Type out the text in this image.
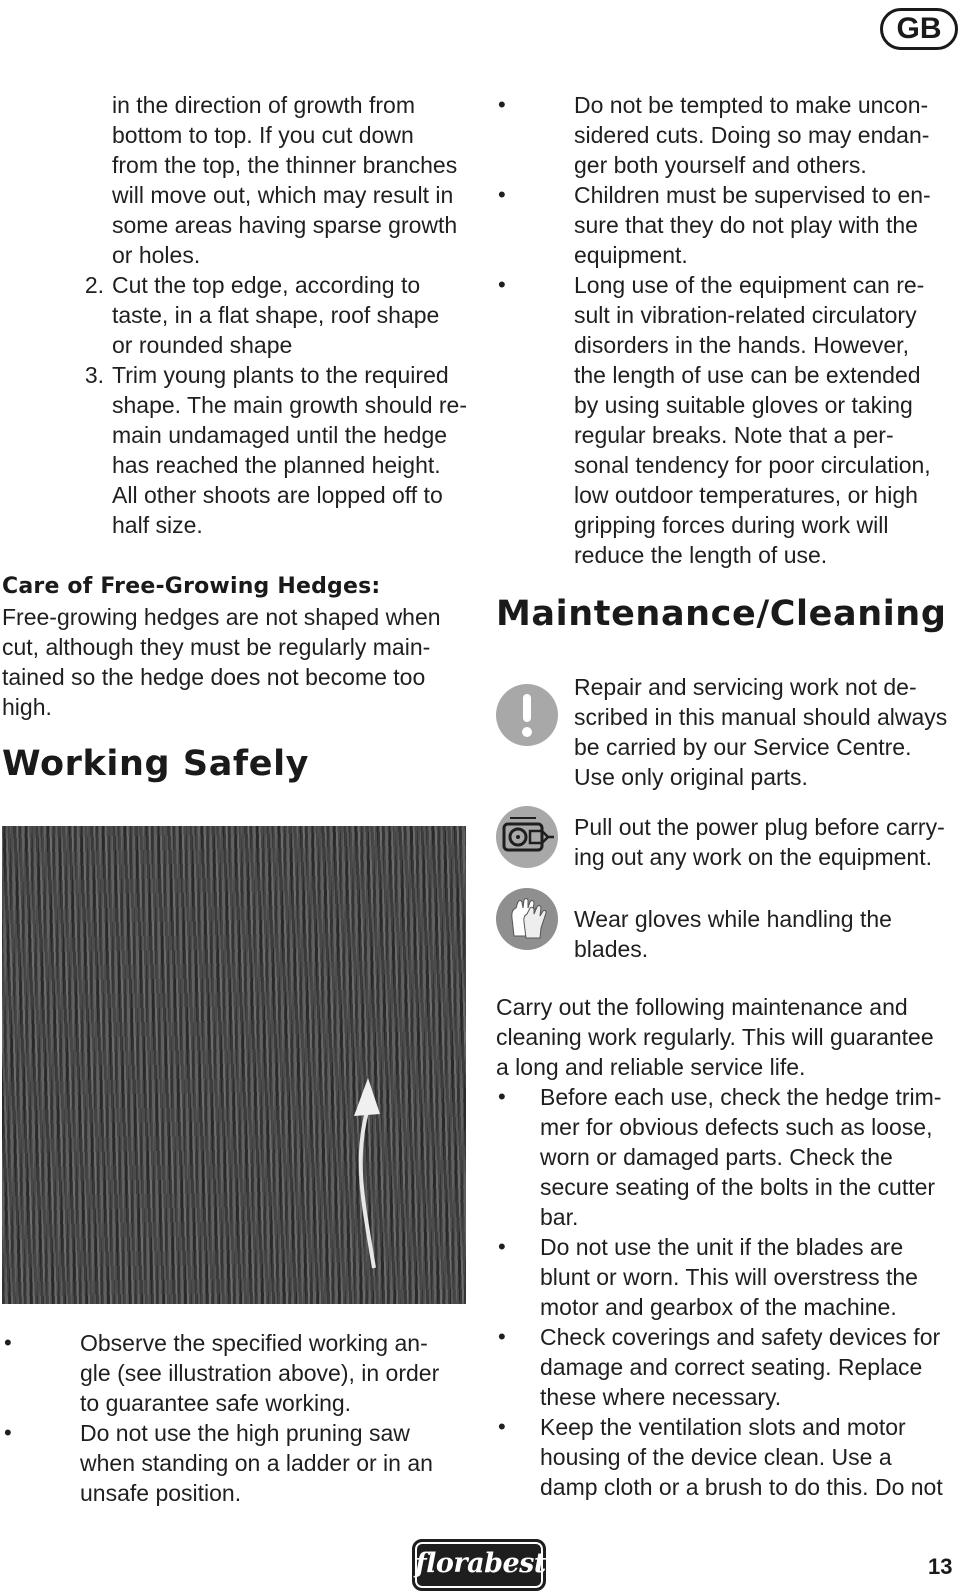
GB
in the direction of growth from
bottom to top. If you cut down
from the top, the thinner branches
will move out, which may result in
some areas having sparse growth
or holes.
2. Cut the top edge, according to
taste, in a flat shape, roof shape
or rounded shape
3. Trim young plants to the required
shape. The main growth should re-
main undamaged until the hedge
has reached the planned height.
All other shoots are lopped off to
half size.
Care of Free-Growing Hedges:
Free-growing hedges are not shaped when
cut, although they must be regularly main-
tained so the hedge does not become too
high.
Working Safely
•	Observe the specified working an-
gle (see illustration above), in order
to guarantee safe working.
•	Do not use the high pruning saw
when standing on a ladder or in an
unsafe position.
•	Do not be tempted to make uncon-
sidered cuts. Doing so may endan-
ger both yourself and others.
•	Children must be supervised to en-
sure that they do not play with the
equipment.
•	Long use of the equipment can re-
sult in vibration-related circulatory
disorders in the hands. However,
the length of use can be extended
by using suitable gloves or taking
regular breaks. Note that a per-
sonal tendency for poor circulation,
low outdoor temperatures, or high
gripping forces during work will
reduce the length of use.
Maintenance/Cleaning
Repair and servicing work not de-
scribed in this manual should always
be carried by our Service Centre.
Use only original parts.
Pull out the power plug before carry-
ing out any work on the equipment.
Wear gloves while handling the
blades.
Carry out the following maintenance and
cleaning work regularly. This will guarantee
a long and reliable service life.
• Before each use, check the hedge trim-
mer for obvious defects such as loose,
worn or damaged parts. Check the
secure seating of the bolts in the cutter
bar.
• Do not use the unit if the blades are
blunt or worn. This will overstress the
motor and gearbox of the machine.
• Check coverings and safety devices for
damage and correct seating. Replace
these where necessary.
• Keep the ventilation slots and motor
housing of the device clean. Use a
damp cloth or a brush to do this. Do not
florabest	13
